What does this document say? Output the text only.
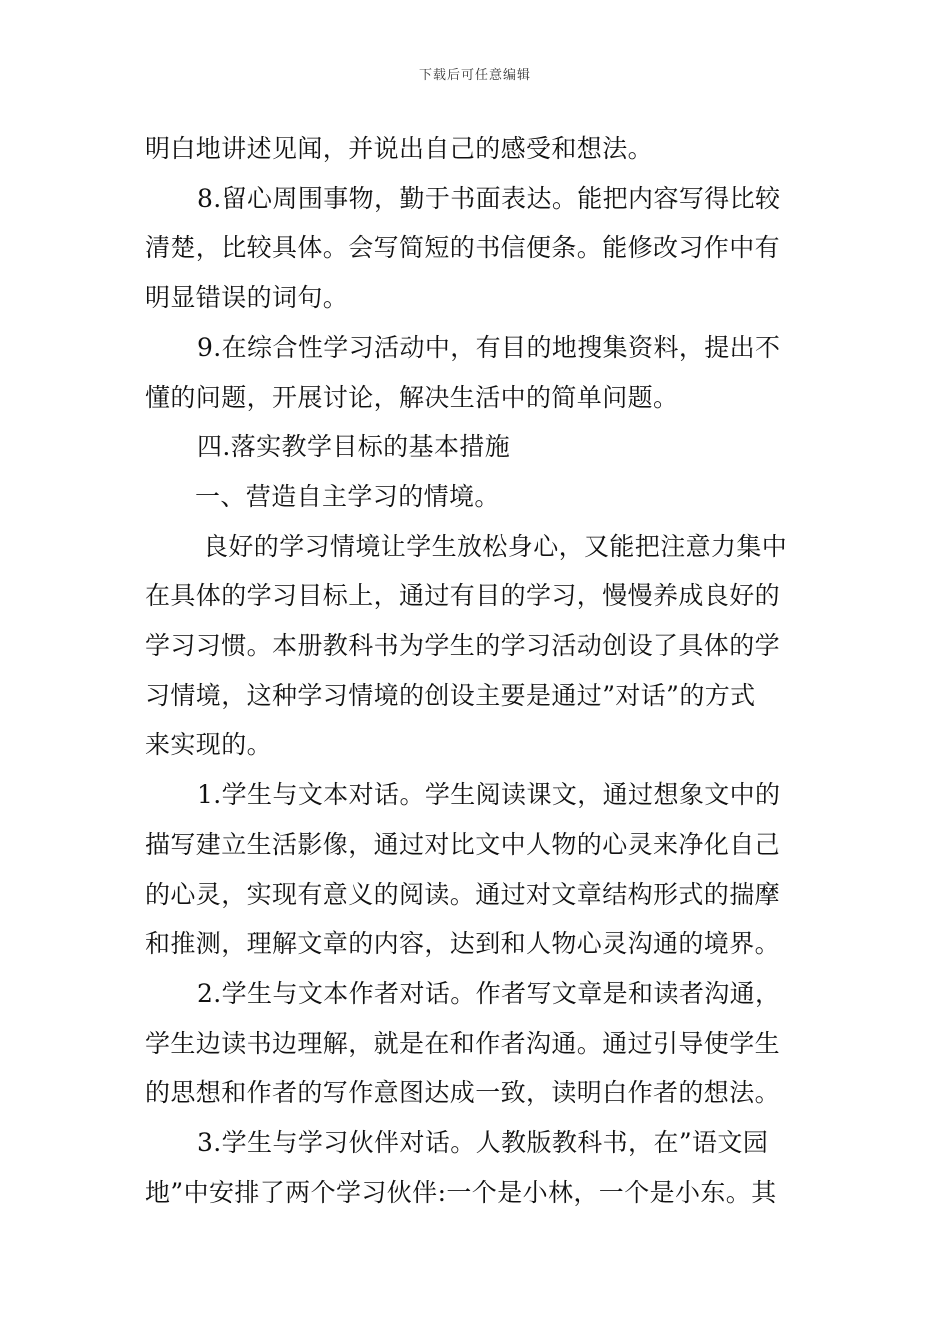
下载后可任意编辑
明白地讲述见闻，并说出自己的感受和想法。
8.留心周围事物，勤于书面表达。能把内容写得比较
清楚，比较具体。会写简短的书信便条。能修改习作中有
明显错误的词句。
9.在综合性学习活动中，有目的地搜集资料，提出不
懂的问题，开展讨论，解决生活中的简单问题。
四.落实教学目标的基本措施
一、营造自主学习的情境。
良好的学习情境让学生放松身心，又能把注意力集中
在具体的学习目标上，通过有目的学习，慢慢养成良好的
学习习惯。本册教科书为学生的学习活动创设了具体的学
习情境，这种学习情境的创设主要是通过”对话”的方式
来实现的。
1.学生与文本对话。学生阅读课文，通过想象文中的
描写建立生活影像，通过对比文中人物的心灵来净化自己
的心灵，实现有意义的阅读。通过对文章结构形式的揣摩
和推测，理解文章的内容，达到和人物心灵沟通的境界。
2.学生与文本作者对话。作者写文章是和读者沟通，
学生边读书边理解，就是在和作者沟通。通过引导使学生
的思想和作者的写作意图达成一致，读明白作者的想法。
3.学生与学习伙伴对话。人教版教科书，在”语文园
地”中安排了两个学习伙伴:一个是小林，一个是小东。其
